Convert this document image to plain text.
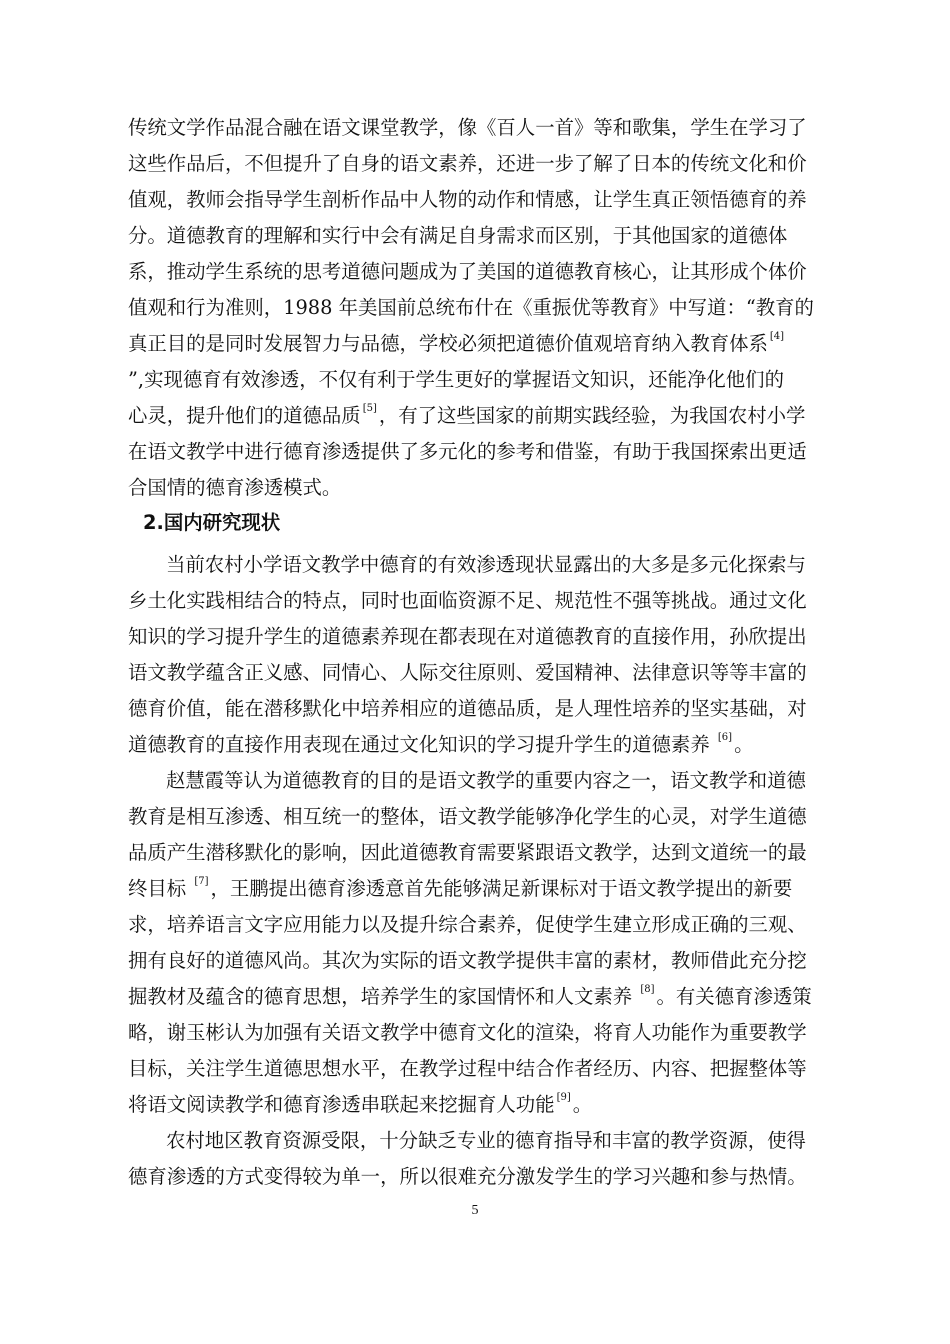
传统文学作品混合融在语文课堂教学，像《百人一首》等和歌集，学生在学习了
这些作品后，不但提升了自身的语文素养，还进一步了解了日本的传统文化和价
值观，教师会指导学生剖析作品中人物的动作和情感，让学生真正领悟德育的养
分。道德教育的理解和实行中会有满足自身需求而区别，于其他国家的道德体
系，推动学生系统的思考道德问题成为了美国的道德教育核心，让其形成个体价
值观和行为准则，1988 年美国前总统布什在《重振优等教育》中写道：“教育的
真正目的是同时发展智力与品德，学校必须把道德价值观培育纳入教育体系 [4]
”,实现德育有效渗透，不仅有利于学生更好的掌握语文知识，还能净化他们的
心灵，提升他们的道德品质 [5] ，有了这些国家的前期实践经验，为我国农村小学
在语文教学中进行德育渗透提供了多元化的参考和借鉴，有助于我国探索出更适
合国情的德育渗透模式。
2.国内研究现状
当前农村小学语文教学中德育的有效渗透现状显露出的大多是多元化探索与
乡土化实践相结合的特点，同时也面临资源不足、规范性不强等挑战。通过文化
知识的学习提升学生的道德素养现在都表现在对道德教育的直接作用，孙欣提出
语文教学蕴含正义感、同情心、人际交往原则、爱国精神、法律意识等等丰富的
德育价值，能在潜移默化中培养相应的道德品质，是人理性培养的坚实基础，对
道德教育的直接作用表现在通过文化知识的学习提升学生的道德素养 [6] 。
赵慧霞等认为道德教育的目的是语文教学的重要内容之一，语文教学和道德
教育是相互渗透、相互统一的整体，语文教学能够净化学生的心灵，对学生道德
品质产生潜移默化的影响，因此道德教育需要紧跟语文教学，达到文道统一的最
终目标 [7] ，王鹏提出德育渗透意首先能够满足新课标对于语文教学提出的新要
求，培养语言文字应用能力以及提升综合素养，促使学生建立形成正确的三观、
拥有良好的道德风尚。其次为实际的语文教学提供丰富的素材，教师借此充分挖
掘教材及蕴含的德育思想，培养学生的家国情怀和人文素养 [8] 。有关德育渗透策
略，谢玉彬认为加强有关语文教学中德育文化的渲染，将育人功能作为重要教学
目标，关注学生道德思想水平，在教学过程中结合作者经历、内容、把握整体等
将语文阅读教学和德育渗透串联起来挖掘育人功能 [9] 。
农村地区教育资源受限，十分缺乏专业的德育指导和丰富的教学资源，使得
德育渗透的方式变得较为单一，所以很难充分激发学生的学习兴趣和参与热情。
5
